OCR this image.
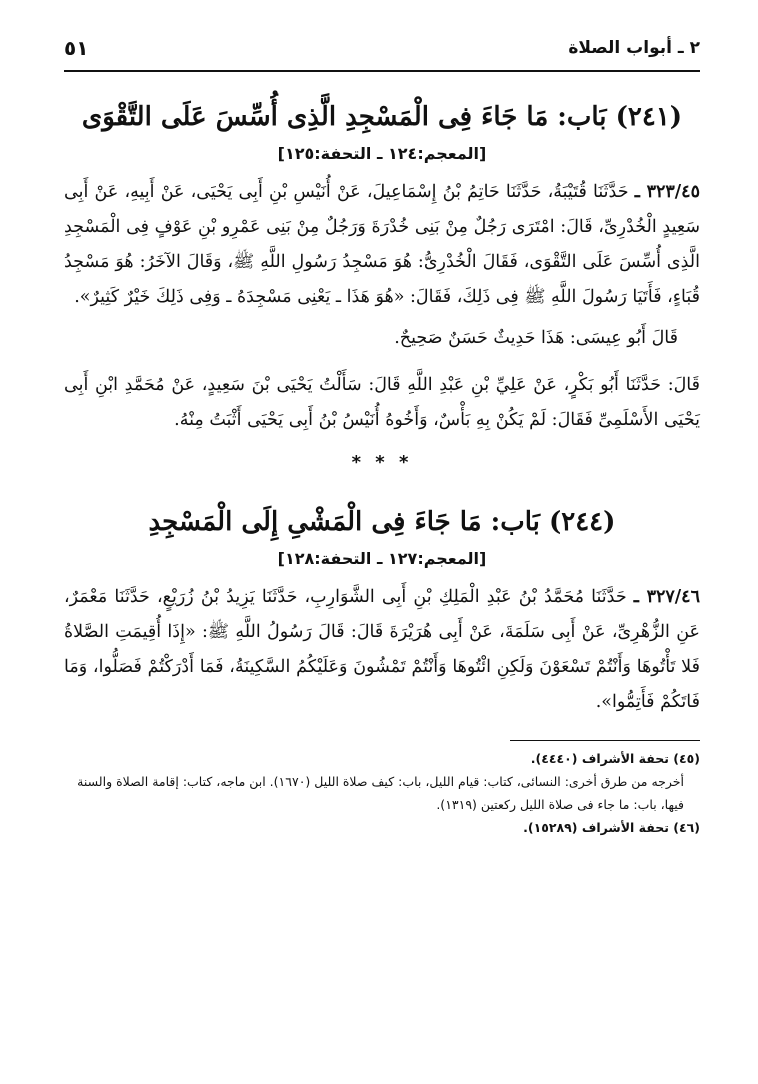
٢ ـ أبواب الصلاة
٥١
(٢٤١) بَاب: مَا جَاءَ فِى الْمَسْجِدِ الَّذِى أُسِّسَ عَلَى التَّقْوَى
[المعجم:١٢٤ ـ التحفة:١٢٥]
٣٢٣/٤٥ ـ حَدَّثَنَا قُتَيْبَةُ، حَدَّثَنَا حَاتِمُ بْنُ إِسْمَاعِيلَ، عَنْ أُنَيْسِ بْنِ أَبِى يَحْيَى، عَنْ أَبِيهِ، عَنْ أَبِى سَعِيدٍ الْخُدْرِىِّ، قَالَ: امْتَرَى رَجُلٌ مِنْ بَنِى خُدْرَةَ وَرَجُلٌ مِنْ بَنِى عَمْرِو بْنِ عَوْفٍ فِى الْمَسْجِدِ الَّذِى أُسِّسَ عَلَى التَّقْوَى، فَقَالَ الْخُدْرِىُّ: هُوَ مَسْجِدُ رَسُولِ اللَّهِ ﷺ، وَقَالَ الآخَرُ: هُوَ مَسْجِدُ قُبَاءٍ، فَأَتَيَا رَسُولَ اللَّهِ ﷺ فِى ذَلِكَ، فَقَالَ: «هُوَ هَذَا ـ يَعْنِى مَسْجِدَهُ ـ وَفِى ذَلِكَ خَيْرٌ كَثِيرٌ».
قَالَ أَبُو عِيسَى: هَذَا حَدِيثٌ حَسَنٌ صَحِيحٌ.
قَالَ: حَدَّثَنَا أَبُو بَكْرٍ، عَنْ عَلِيِّ بْنِ عَبْدِ اللَّهِ قَالَ: سَأَلْتُ يَحْيَى بْنَ سَعِيدٍ، عَنْ مُحَمَّدِ ابْنِ أَبِى يَحْيَى الأَسْلَمِىِّ فَقَالَ: لَمْ يَكُنْ بِهِ بَأْسٌ، وَأَخُوهُ أُنَيْسُ بْنُ أَبِى يَحْيَى أَثْبَتُ مِنْهُ.
* * *
(٢٤٤) بَاب: مَا جَاءَ فِى الْمَشْىِ إِلَى الْمَسْجِدِ
[المعجم:١٢٧ ـ التحفة:١٢٨]
٣٢٧/٤٦ ـ حَدَّثَنَا مُحَمَّدُ بْنُ عَبْدِ الْمَلِكِ بْنِ أَبِى الشَّوَارِبِ، حَدَّثَنَا يَزِيدُ بْنُ زُرَيْعٍ، حَدَّثَنَا مَعْمَرٌ، عَنِ الزُّهْرِىِّ، عَنْ أَبِى سَلَمَةَ، عَنْ أَبِى هُرَيْرَةَ قَالَ: قَالَ رَسُولُ اللَّهِ ﷺ: «إِذَا أُقِيمَتِ الصَّلاةُ فَلا تَأْتُوهَا وَأَنْتُمْ تَسْعَوْنَ وَلَكِنِ ائْتُوهَا وَأَنْتُمْ تَمْشُونَ وَعَلَيْكُمُ السَّكِينَةُ، فَمَا أَدْرَكْتُمْ فَصَلُّوا، وَمَا فَاتَكُمْ فَأَتِمُّوا».
(٤٥) تحفة الأشراف (٤٤٤٠).
أخرجه من طرق أخرى: النسائى، كتاب: قيام الليل، باب: كيف صلاة الليل (١٦٧٠). ابن ماجه، كتاب: إقامة الصلاة والسنة فيها، باب: ما جاء فى صلاة الليل ركعتين (١٣١٩).
(٤٦) تحفة الأشراف (١٥٢٨٩).
